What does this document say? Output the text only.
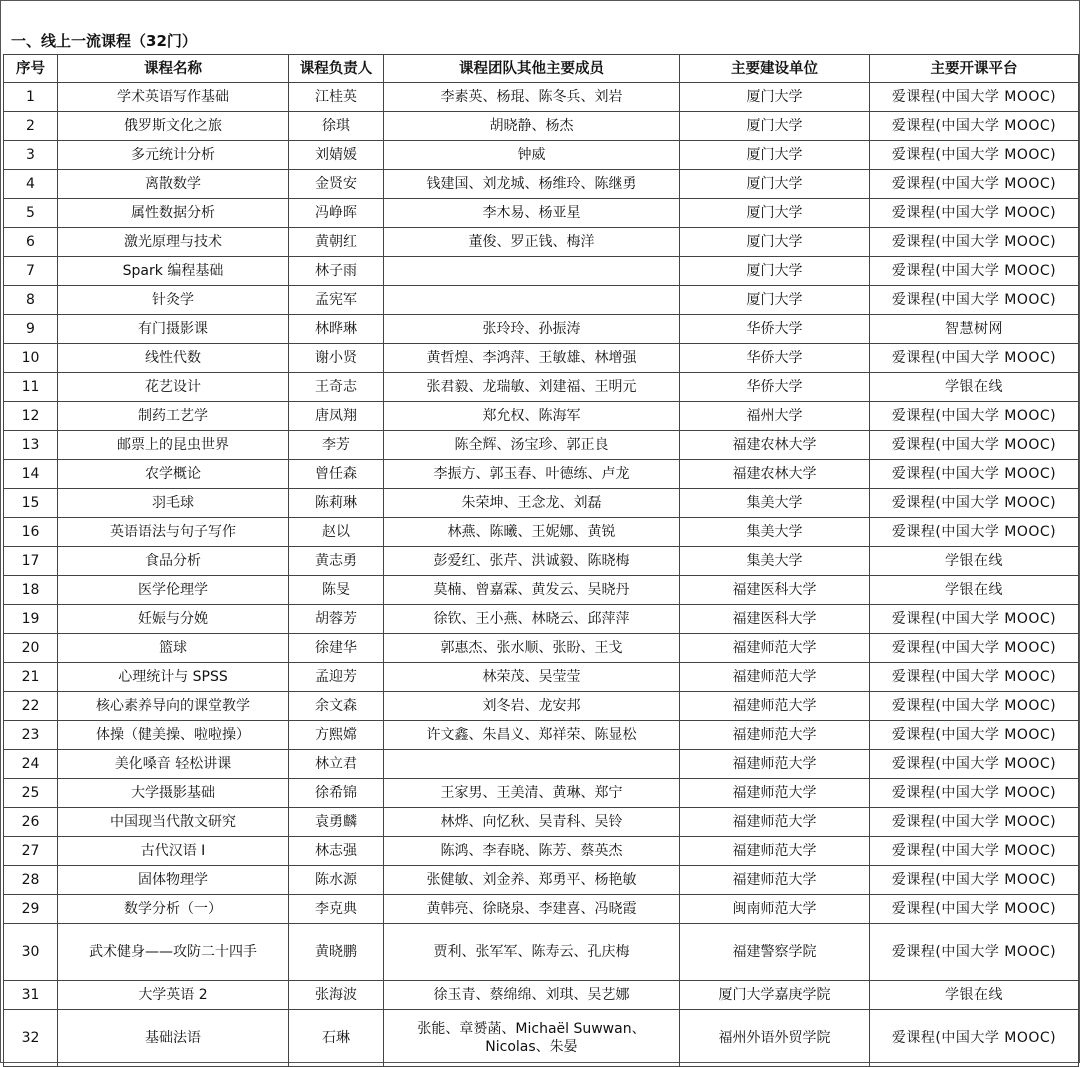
一、线上一流课程（32门）
序号	课程名称	课程负责人	课程团队其他主要成员	主要建设单位	主要开课平台
1	学术英语写作基础	江桂英	李素英、杨琨、陈冬兵、刘岩	厦门大学	爱课程(中国大学 MOOC)
2	俄罗斯文化之旅	徐琪	胡晓静、杨杰	厦门大学	爱课程(中国大学 MOOC)
3	多元统计分析	刘婧媛	钟威	厦门大学	爱课程(中国大学 MOOC)
4	离散数学	金贤安	钱建国、刘龙城、杨维玲、陈继勇	厦门大学	爱课程(中国大学 MOOC)
5	属性数据分析	冯峥晖	李木易、杨亚星	厦门大学	爱课程(中国大学 MOOC)
6	激光原理与技术	黄朝红	董俊、罗正钱、梅洋	厦门大学	爱课程(中国大学 MOOC)
7	Spark 编程基础	林子雨		厦门大学	爱课程(中国大学 MOOC)
8	针灸学	孟宪军		厦门大学	爱课程(中国大学 MOOC)
9	有门摄影课	林晔琳	张玲玲、孙振涛	华侨大学	智慧树网
10	线性代数	谢小贤	黄哲煌、李鸿萍、王敏雄、林增强	华侨大学	爱课程(中国大学 MOOC)
11	花艺设计	王奇志	张君毅、龙瑞敏、刘建福、王明元	华侨大学	学银在线
12	制药工艺学	唐凤翔	郑允权、陈海军	福州大学	爱课程(中国大学 MOOC)
13	邮票上的昆虫世界	李芳	陈全辉、汤宝珍、郭正良	福建农林大学	爱课程(中国大学 MOOC)
14	农学概论	曾任森	李振方、郭玉春、叶德练、卢龙	福建农林大学	爱课程(中国大学 MOOC)
15	羽毛球	陈莉琳	朱荣坤、王念龙、刘磊	集美大学	爱课程(中国大学 MOOC)
16	英语语法与句子写作	赵以	林燕、陈曦、王妮娜、黄锐	集美大学	爱课程(中国大学 MOOC)
17	食品分析	黄志勇	彭爱红、张芹、洪诚毅、陈晓梅	集美大学	学银在线
18	医学伦理学	陈旻	莫楠、曾嘉霖、黄发云、吴晓丹	福建医科大学	学银在线
19	妊娠与分娩	胡蓉芳	徐钦、王小燕、林晓云、邱萍萍	福建医科大学	爱课程(中国大学 MOOC)
20	篮球	徐建华	郭惠杰、张水顺、张盼、王戈	福建师范大学	爱课程(中国大学 MOOC)
21	心理统计与 SPSS	孟迎芳	林荣茂、吴莹莹	福建师范大学	爱课程(中国大学 MOOC)
22	核心素养导向的课堂教学	余文森	刘冬岩、龙安邦	福建师范大学	爱课程(中国大学 MOOC)
23	体操（健美操、啦啦操）	方熙嫦	许文鑫、朱昌义、郑祥荣、陈显松	福建师范大学	爱课程(中国大学 MOOC)
24	美化嗓音 轻松讲课	林立君		福建师范大学	爱课程(中国大学 MOOC)
25	大学摄影基础	徐希锦	王家男、王美清、黄琳、郑宁	福建师范大学	爱课程(中国大学 MOOC)
26	中国现当代散文研究	袁勇麟	林烨、向忆秋、吴青科、吴铃	福建师范大学	爱课程(中国大学 MOOC)
27	古代汉语 I	林志强	陈鸿、李春晓、陈芳、蔡英杰	福建师范大学	爱课程(中国大学 MOOC)
28	固体物理学	陈水源	张健敏、刘金养、郑勇平、杨艳敏	福建师范大学	爱课程(中国大学 MOOC)
29	数学分析（一）	李克典	黄韩亮、徐晓泉、李建喜、冯晓霞	闽南师范大学	爱课程(中国大学 MOOC)
30	武术健身——攻防二十四手	黄晓鹏	贾利、张军军、陈寿云、孔庆梅	福建警察学院	爱课程(中国大学 MOOC)
31	大学英语 2	张海波	徐玉青、蔡绵绵、刘琪、吴艺娜	厦门大学嘉庚学院	学银在线
32	基础法语	石琳	张能、章赟菡、Michaël Suwwan、Nicolas、朱晏	福州外语外贸学院	爱课程(中国大学 MOOC)
